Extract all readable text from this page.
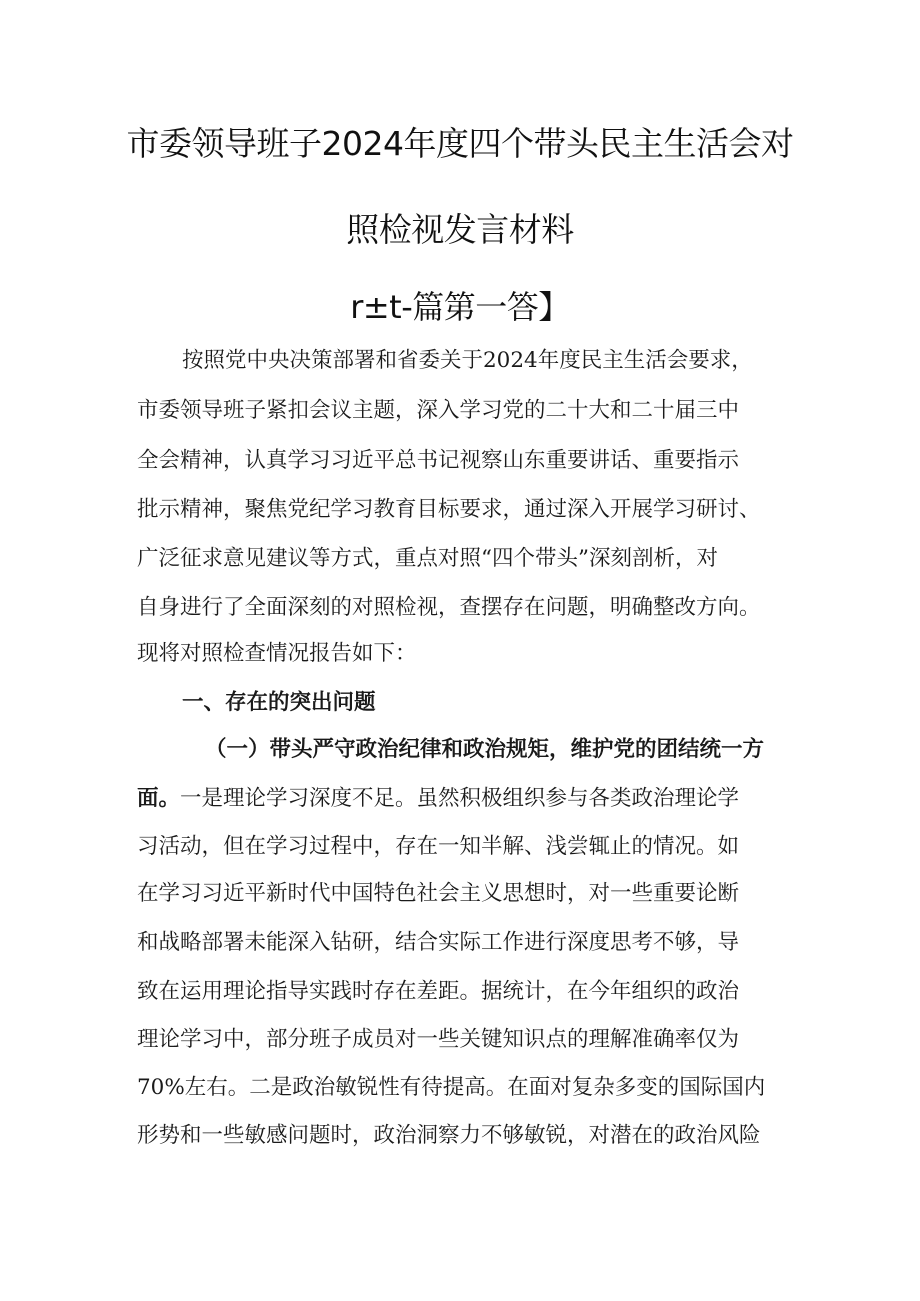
市委领导班子2024年度四个带头民主生活会对
照检视发言材料
r±t-篇第一答】
按照党中央决策部署和省委关于2024年度民主生活会要求，
市委领导班子紧扣会议主题，深入学习党的二十大和二十届三中
全会精神，认真学习习近平总书记视察山东重要讲话、重要指示
批示精神，聚焦党纪学习教育目标要求，通过深入开展学习研讨、
广泛征求意见建议等方式，重点对照“四个带头”深刻剖析，对
自身进行了全面深刻的对照检视，查摆存在问题，明确整改方向。
现将对照检查情况报告如下：
一、存在的突出问题
（一）带头严守政治纪律和政治规矩，维护党的团结统一方
面。一是理论学习深度不足。虽然积极组织参与各类政治理论学
习活动，但在学习过程中，存在一知半解、浅尝辄止的情况。如
在学习习近平新时代中国特色社会主义思想时，对一些重要论断
和战略部署未能深入钻研，结合实际工作进行深度思考不够，导
致在运用理论指导实践时存在差距。据统计，在今年组织的政治
理论学习中，部分班子成员对一些关键知识点的理解准确率仅为
70%左右。二是政治敏锐性有待提高。在面对复杂多变的国际国内
形势和一些敏感问题时，政治洞察力不够敏锐，对潜在的政治风险
